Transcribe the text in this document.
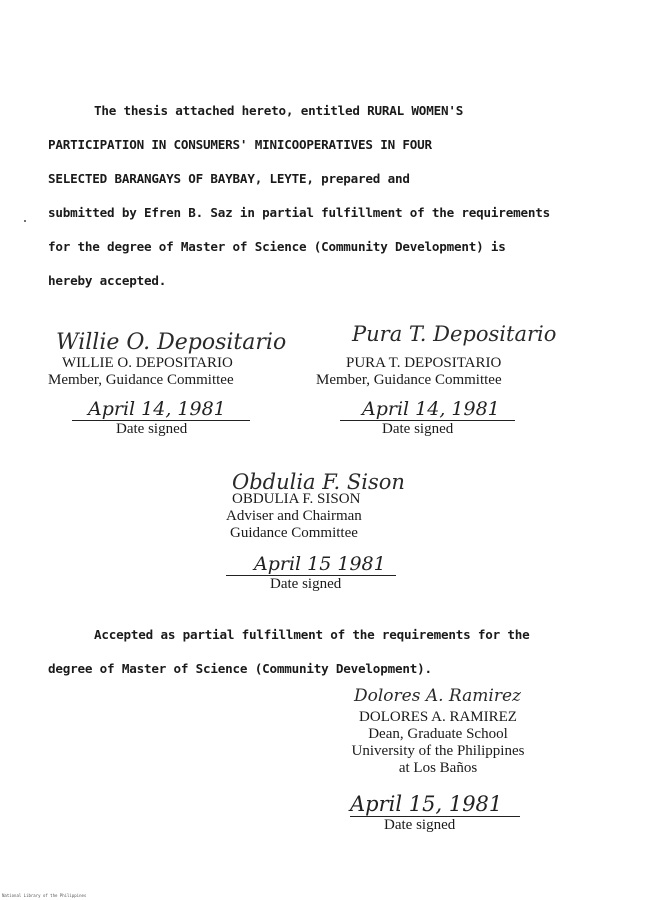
The thesis attached hereto, entitled RURAL WOMEN'S
PARTICIPATION IN CONSUMERS' MINICOOPERATIVES IN FOUR
SELECTED BARANGAYS OF BAYBAY, LEYTE, prepared and
submitted by Efren B. Saz in partial fulfillment of the requirements
for the degree of Master of Science (Community Development) is
hereby accepted.
Willie O. Depositario
WILLIE O. DEPOSITARIO
Member, Guidance Committee
April 14, 1981
Date signed
Pura T. Depositario
PURA T. DEPOSITARIO
Member, Guidance Committee
April 14, 1981
Date signed
Obdulia F. Sison
OBDULIA F. SISON
Adviser and Chairman
Guidance Committee
April 15 1981
Date signed
Accepted as partial fulfillment of the requirements for the
degree of Master of Science (Community Development).
Dolores A. Ramirez
DOLORES A. RAMIREZ
Dean, Graduate School
University of the Philippines
at Los Baños
April 15, 1981
Date signed
National Library of the Philippines
